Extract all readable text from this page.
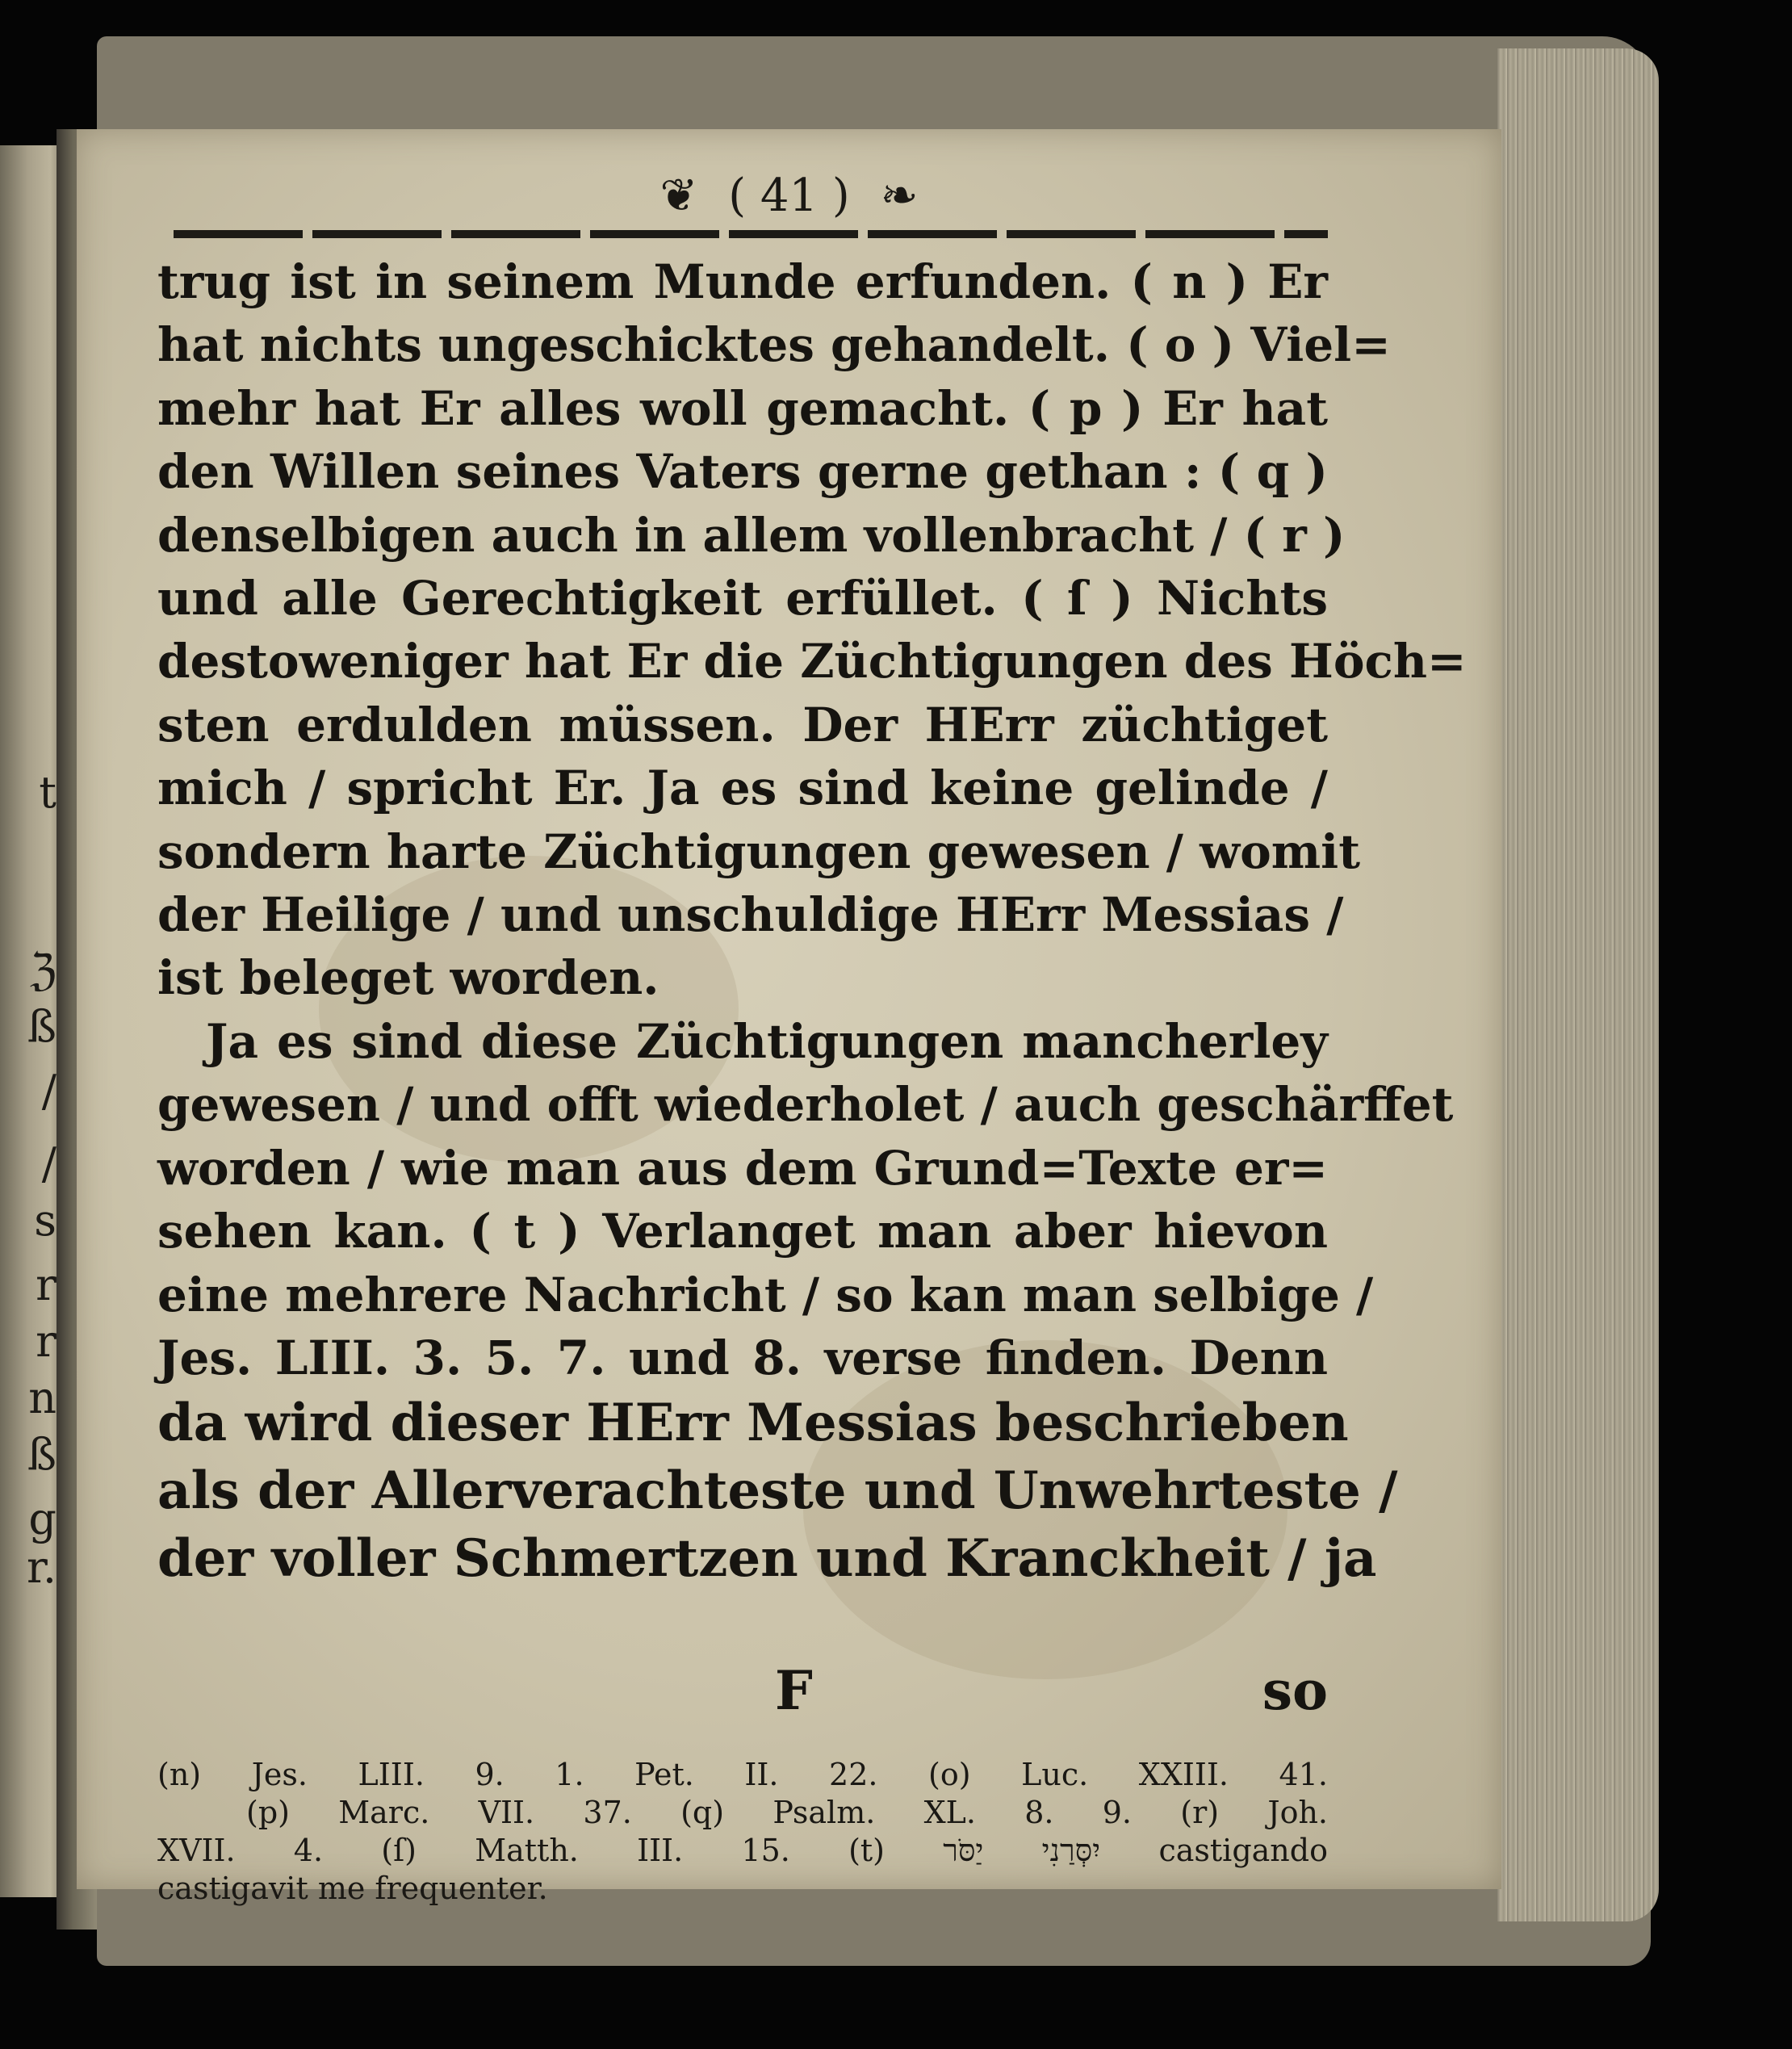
t
ℨ
ß
/
/
s
r
r
n
ß
g
r.
❦ ( 41 ) ❧
trug ist in seinem Munde erfunden. ( n ) Er
hat nichts ungeschicktes gehandelt. ( o ) Viel=
mehr hat Er alles woll gemacht. ( p ) Er hat
den Willen seines Vaters gerne gethan : ( q )
denselbigen auch in allem vollenbracht / ( r )
und alle Gerechtigkeit erfüllet. ( ſ ) Nichts
destoweniger hat Er die Züchtigungen des Höch=
sten erdulden müssen. Der HErr züchtiget
mich / spricht Er. Ja es sind keine gelinde /
sondern harte Züchtigungen gewesen / womit
der Heilige / und unschuldige HErr Messias /
ist beleget worden.
Ja es sind diese Züchtigungen mancherley
gewesen / und offt wiederholet / auch geschärffet
worden / wie man aus dem Grund=Texte er=
sehen kan. ( t ) Verlanget man aber hievon
eine mehrere Nachricht / so kan man selbige /
Jes. LIII. 3. 5. 7. und 8. verse finden. Denn
da wird dieser HErr Messias beschrieben
als der Allerverachteste und Unwehrteste /
der voller Schmertzen und Kranckheit / ja
F	so
(n) Jes. LIII. 9. 1. Pet. II. 22. (o) Luc. XXIII. 41.
(p) Marc. VII. 37. (q) Psalm. XL. 8. 9. (r) Joh.
XVII. 4. (ſ) Matth. III. 15. (t) יִסְּרַנִי יַסֹּר castigando
castigavit me frequenter.
